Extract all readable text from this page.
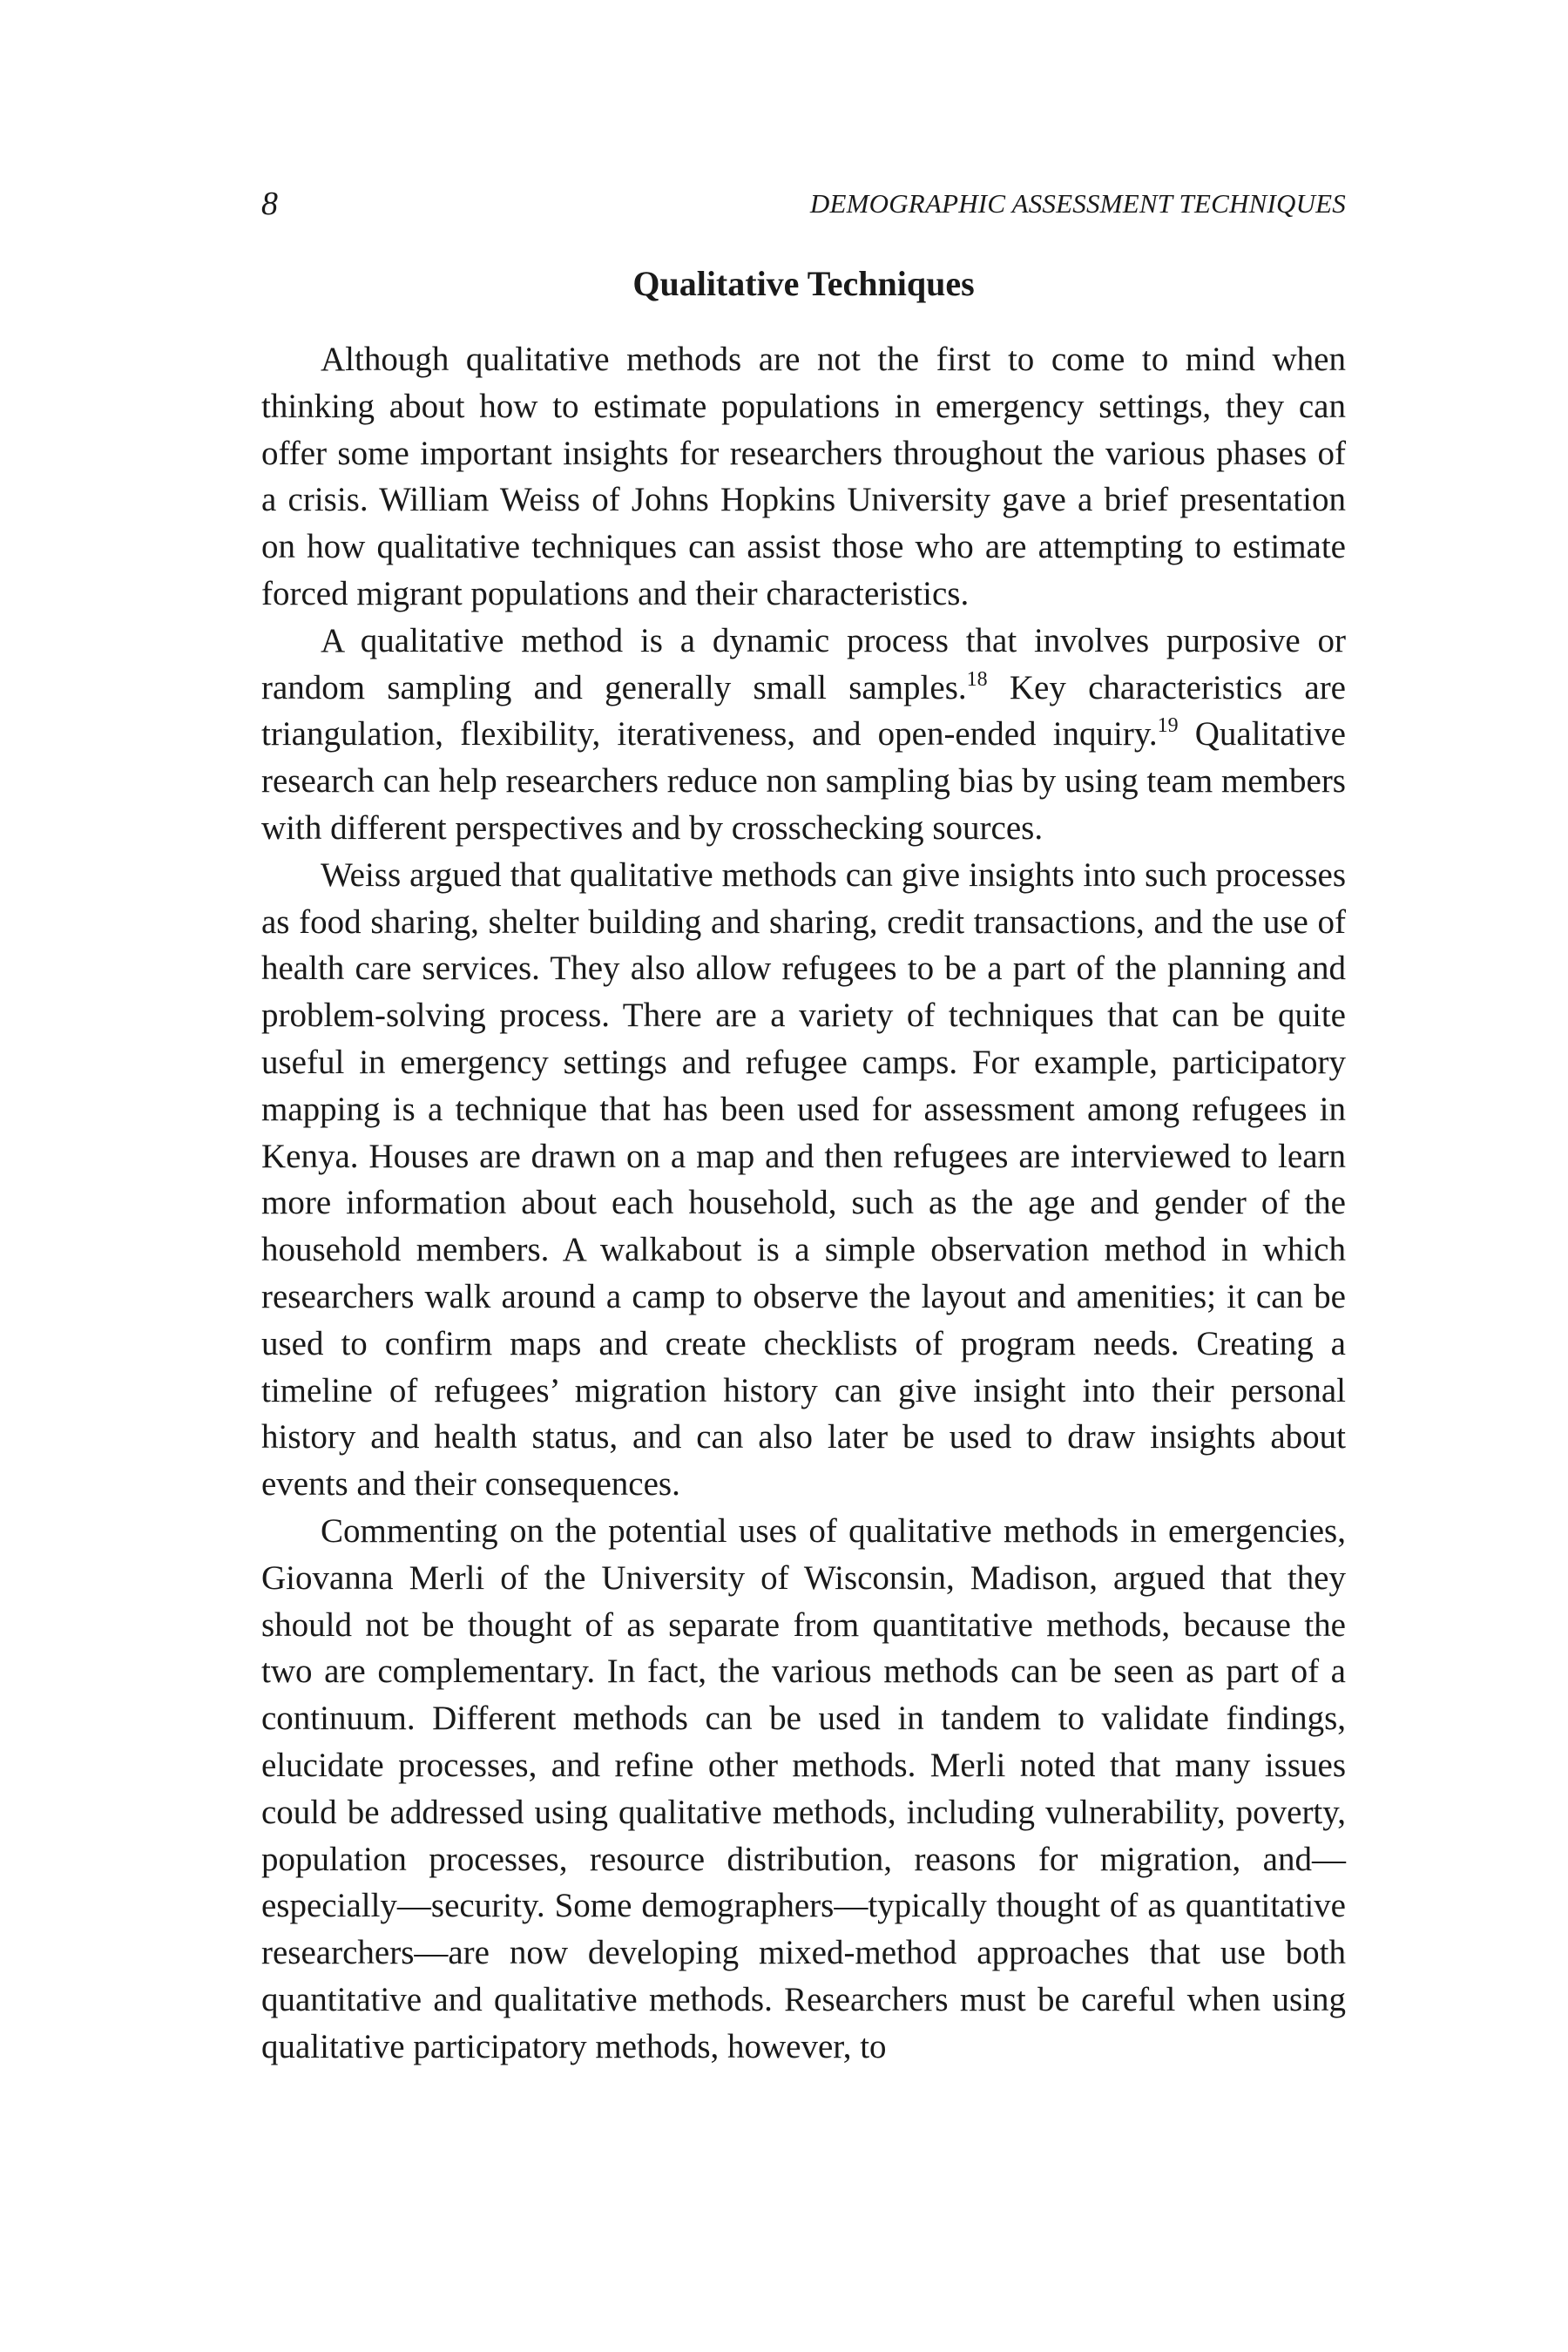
8	DEMOGRAPHIC ASSESSMENT TECHNIQUES
Qualitative Techniques

Although qualitative methods are not the first to come to mind when thinking about how to estimate populations in emergency settings, they can offer some important insights for researchers throughout the various phases of a crisis. William Weiss of Johns Hopkins University gave a brief presentation on how qualitative techniques can assist those who are attempting to estimate forced migrant populations and their characteristics.

A qualitative method is a dynamic process that involves purposive or random sampling and generally small samples.$^{18}$ Key characteristics are triangulation, flexibility, iterativeness, and open-ended inquiry.$^{19}$ Qualitative research can help researchers reduce non sampling bias by using team members with different perspectives and by crosschecking sources.

Weiss argued that qualitative methods can give insights into such processes as food sharing, shelter building and sharing, credit transactions, and the use of health care services. They also allow refugees to be a part of the planning and problem-solving process. There are a variety of techniques that can be quite useful in emergency settings and refugee camps. For example, participatory mapping is a technique that has been used for assessment among refugees in Kenya. Houses are drawn on a map and then refugees are interviewed to learn more information about each household, such as the age and gender of the household members. A walkabout is a simple observation method in which researchers walk around a camp to observe the layout and amenities; it can be used to confirm maps and create checklists of program needs. Creating a timeline of refugees’ migration history can give insight into their personal history and health status, and can also later be used to draw insights about events and their consequences.

Commenting on the potential uses of qualitative methods in emergencies, Giovanna Merli of the University of Wisconsin, Madison, argued that they should not be thought of as separate from quantitative methods, because the two are complementary. In fact, the various methods can be seen as part of a continuum. Different methods can be used in tandem to validate findings, elucidate processes, and refine other methods. Merli noted that many issues could be addressed using qualitative methods, including vulnerability, poverty, population processes, resource distribution, reasons for migration, and—especially—security. Some demographers—typically thought of as quantitative researchers—are now developing mixed-method approaches that use both quantitative and qualitative methods. Researchers must be careful when using qualitative participatory methods, however, to
